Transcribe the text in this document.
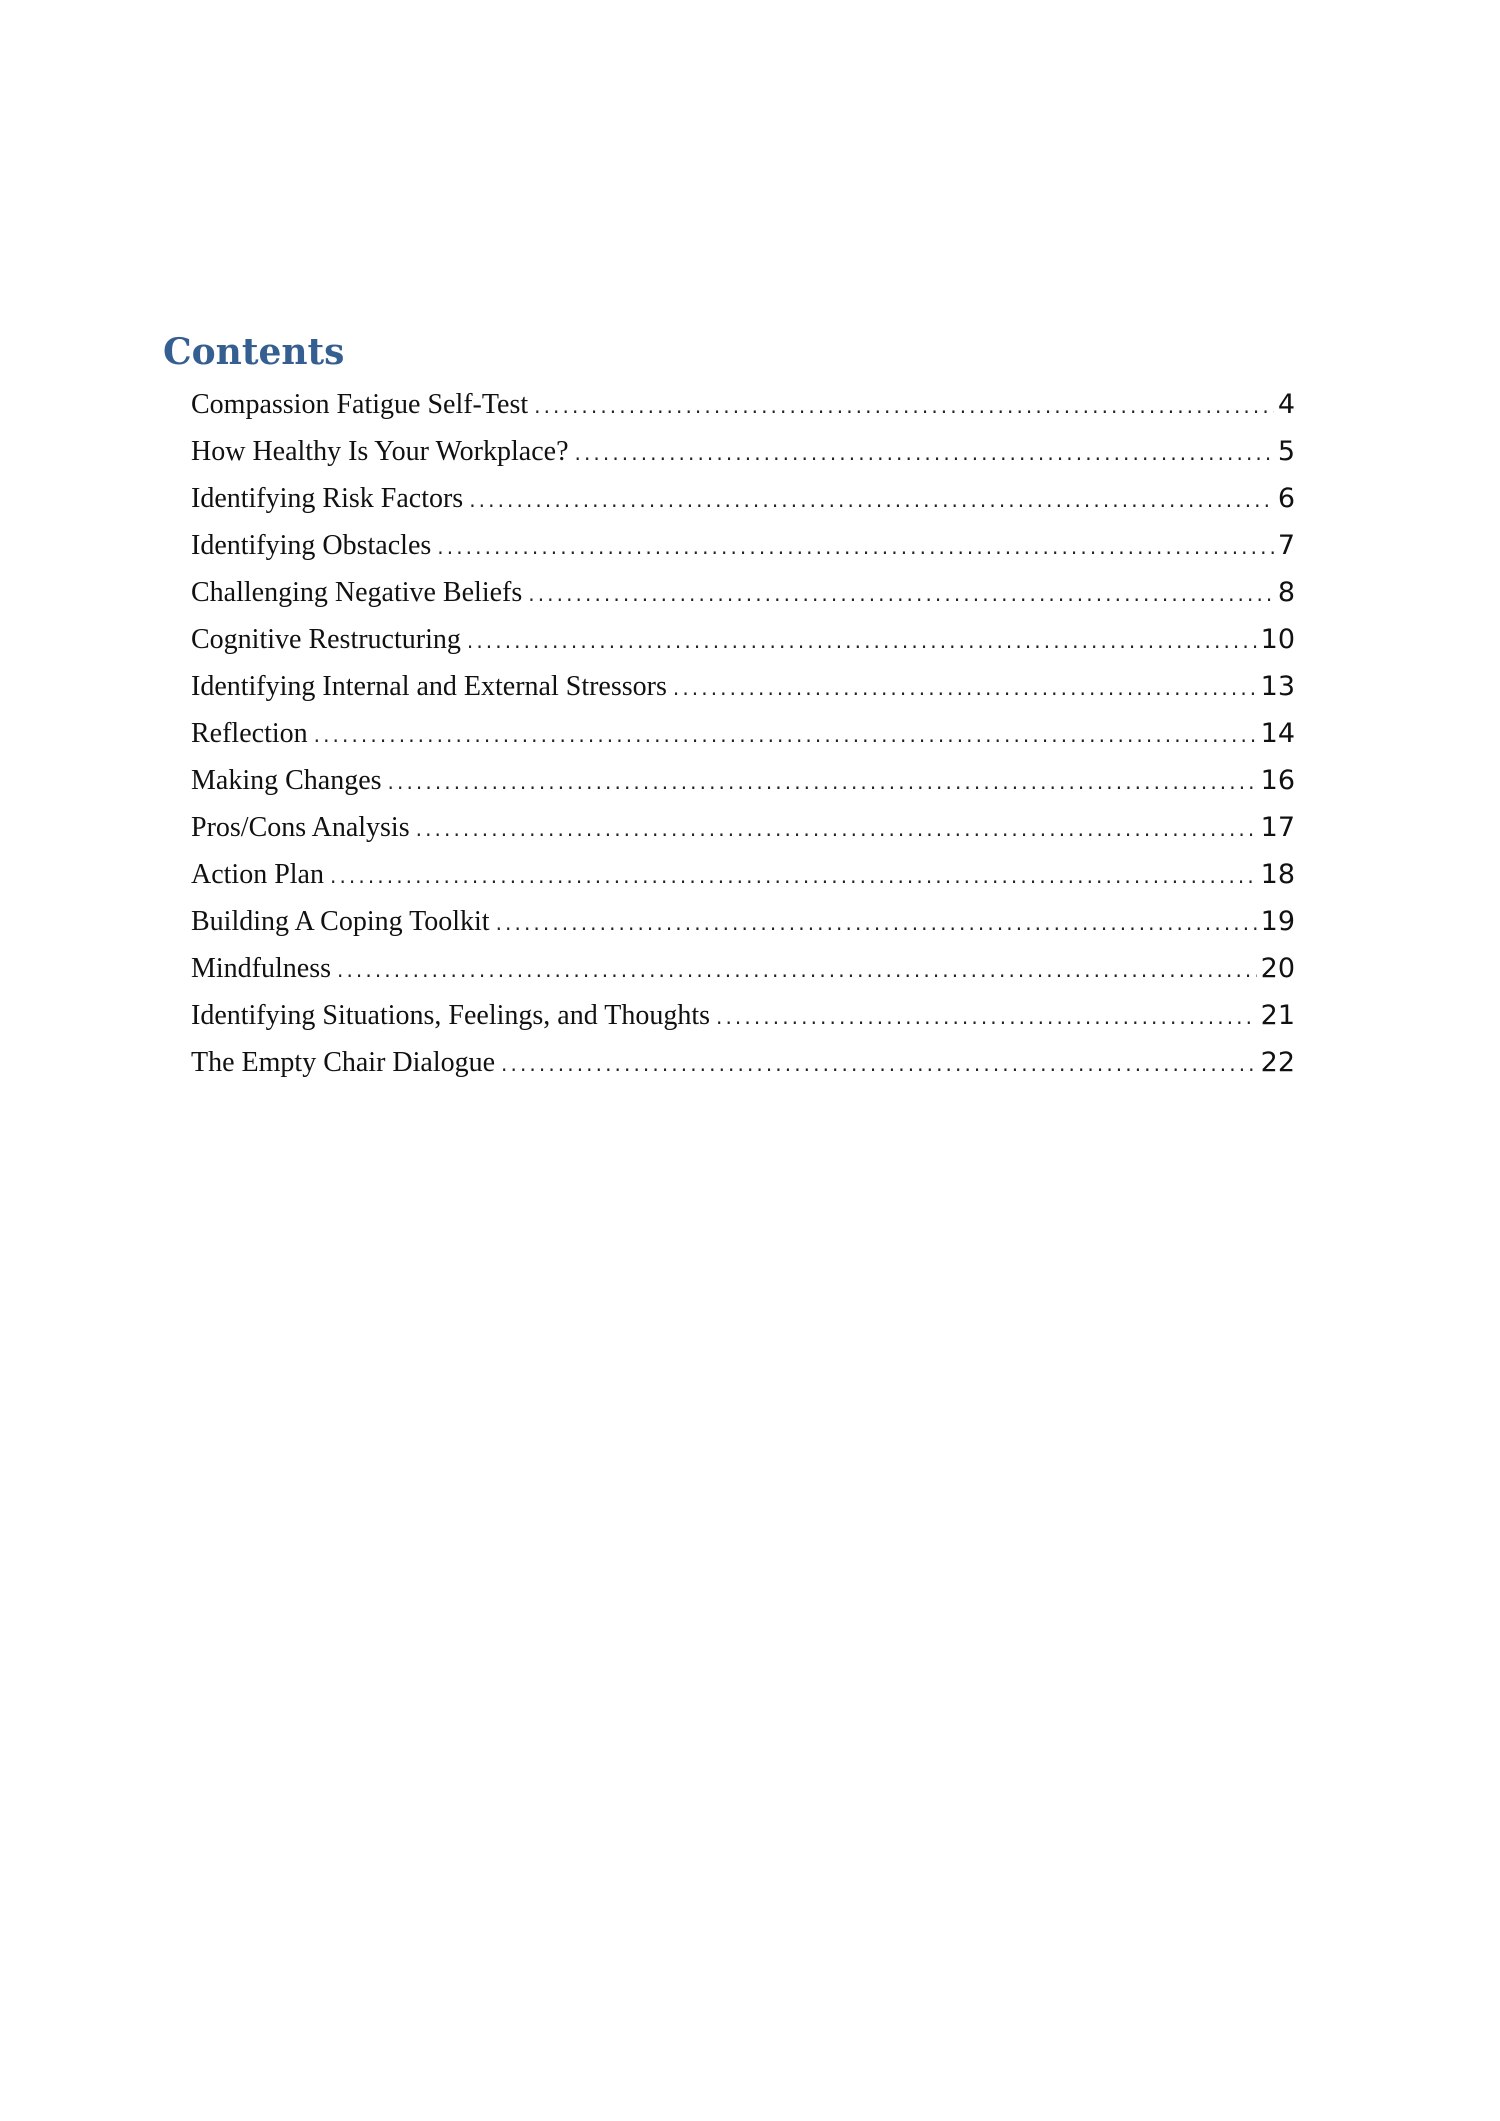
Contents
Compassion Fatigue Self-Test .....	4
How Healthy Is Your Workplace? .....	5
Identifying Risk Factors .....	6
Identifying Obstacles .....	7
Challenging Negative Beliefs .....	8
Cognitive Restructuring .....	10
Identifying Internal and External Stressors .....	13
Reflection .....	14
Making Changes .....	16
Pros/Cons Analysis .....	17
Action Plan .....	18
Building A Coping Toolkit .....	19
Mindfulness .....	20
Identifying Situations, Feelings, and Thoughts .....	21
The Empty Chair Dialogue .....	22
